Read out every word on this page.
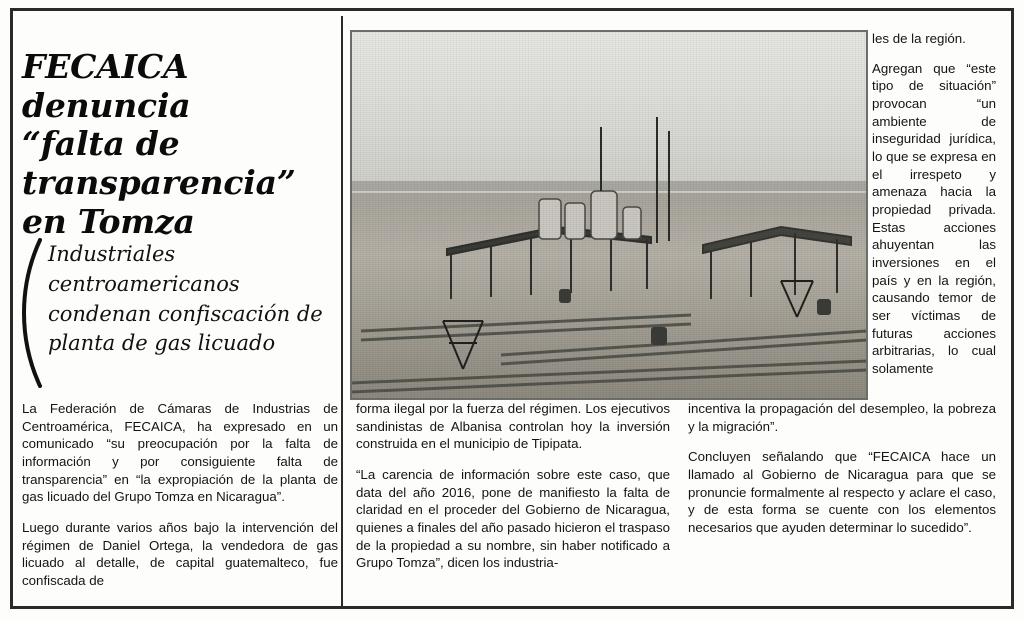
FECAICA
denuncia
“falta de
transparencia”
en Tomza
Industriales centroamericanos condenan confiscación de planta de gas licuado

La Federación de Cámaras de Industrias de Centroamérica, FECAICA, ha expresado en un comunicado “su preocupación por la falta de información y por consiguiente falta de transparencia” en “la expropiación de la planta de gas licuado del Grupo Tomza en Nicaragua”.

Luego durante varios años bajo la intervención del régimen de Daniel Ortega, la vendedora de gas licuado al detalle, de capital guatemalteco, fue confiscada de

forma ilegal por la fuerza del régimen. Los ejecutivos sandinistas de Albanisa controlan hoy la inversión construida en el municipio de Tipipata.

“La carencia de información sobre este caso, que data del año 2016, pone de manifiesto la falta de claridad en el proceder del Gobierno de Nicaragua, quienes a finales del año pasado hicieron el traspaso de la propiedad a su nombre, sin haber notificado a Grupo Tomza”, dicen los industria-

les de la región.

Agregan que “este tipo de situación” provocan “un ambiente de inseguridad jurídica, lo que se expresa en el irrespeto y amenaza hacia la propiedad privada. Estas acciones ahuyentan las inversiones en el país y en la región, causando temor de ser víctimas de futuras acciones arbitrarias, lo cual solamente

incentiva la propagación del desempleo, la pobreza y la migración”.

Concluyen señalando que “FECAICA hace un llamado al Gobierno de Nicaragua para que se pronuncie formalmente al respecto y aclare el caso, y de esta forma se cuente con los elementos necesarios que ayuden determinar lo sucedido”.
